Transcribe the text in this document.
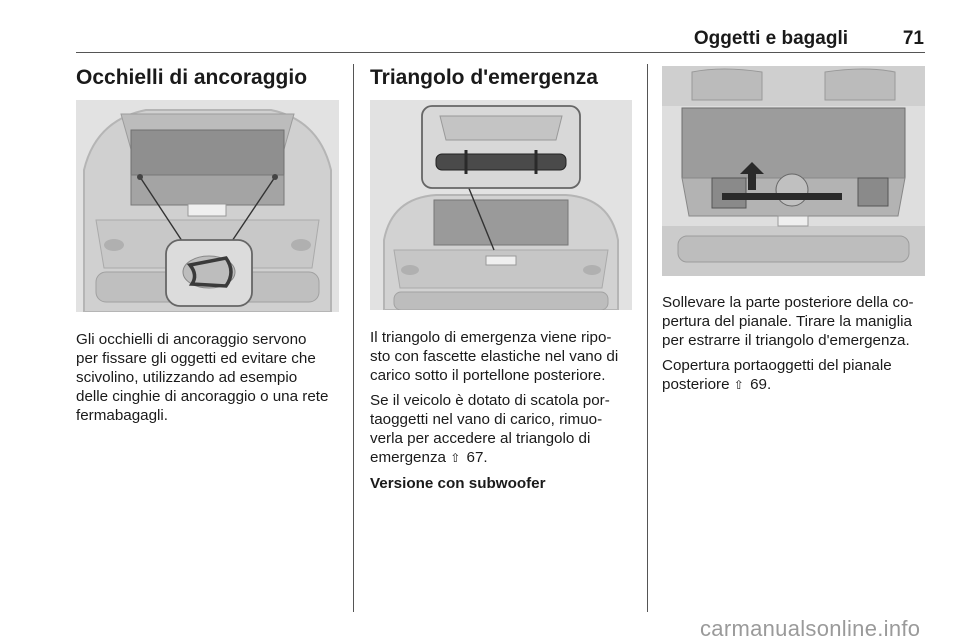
Oggetti e bagagli	71
Occhielli di ancoraggio
Gli occhielli di ancoraggio servono
per fissare gli oggetti ed evitare che
scivolino, utilizzando ad esempio
delle cinghie di ancoraggio o una rete
fermabagagli.
Triangolo d'emergenza

Il triangolo di emergenza viene ripo-
sto con fascette elastiche nel vano di
carico sotto il portellone posteriore.

Se il veicolo è dotato di scatola por-
taoggetti nel vano di carico, rimuo-
verla per accedere al triangolo di
emergenza ⇧ 67.

Versione con subwoofer

Sollevare la parte posteriore della co-
pertura del pianale. Tirare la maniglia
per estrarre il triangolo d'emergenza.

Copertura portaoggetti del pianale
posteriore ⇧ 69.

carmanualsonline.info
